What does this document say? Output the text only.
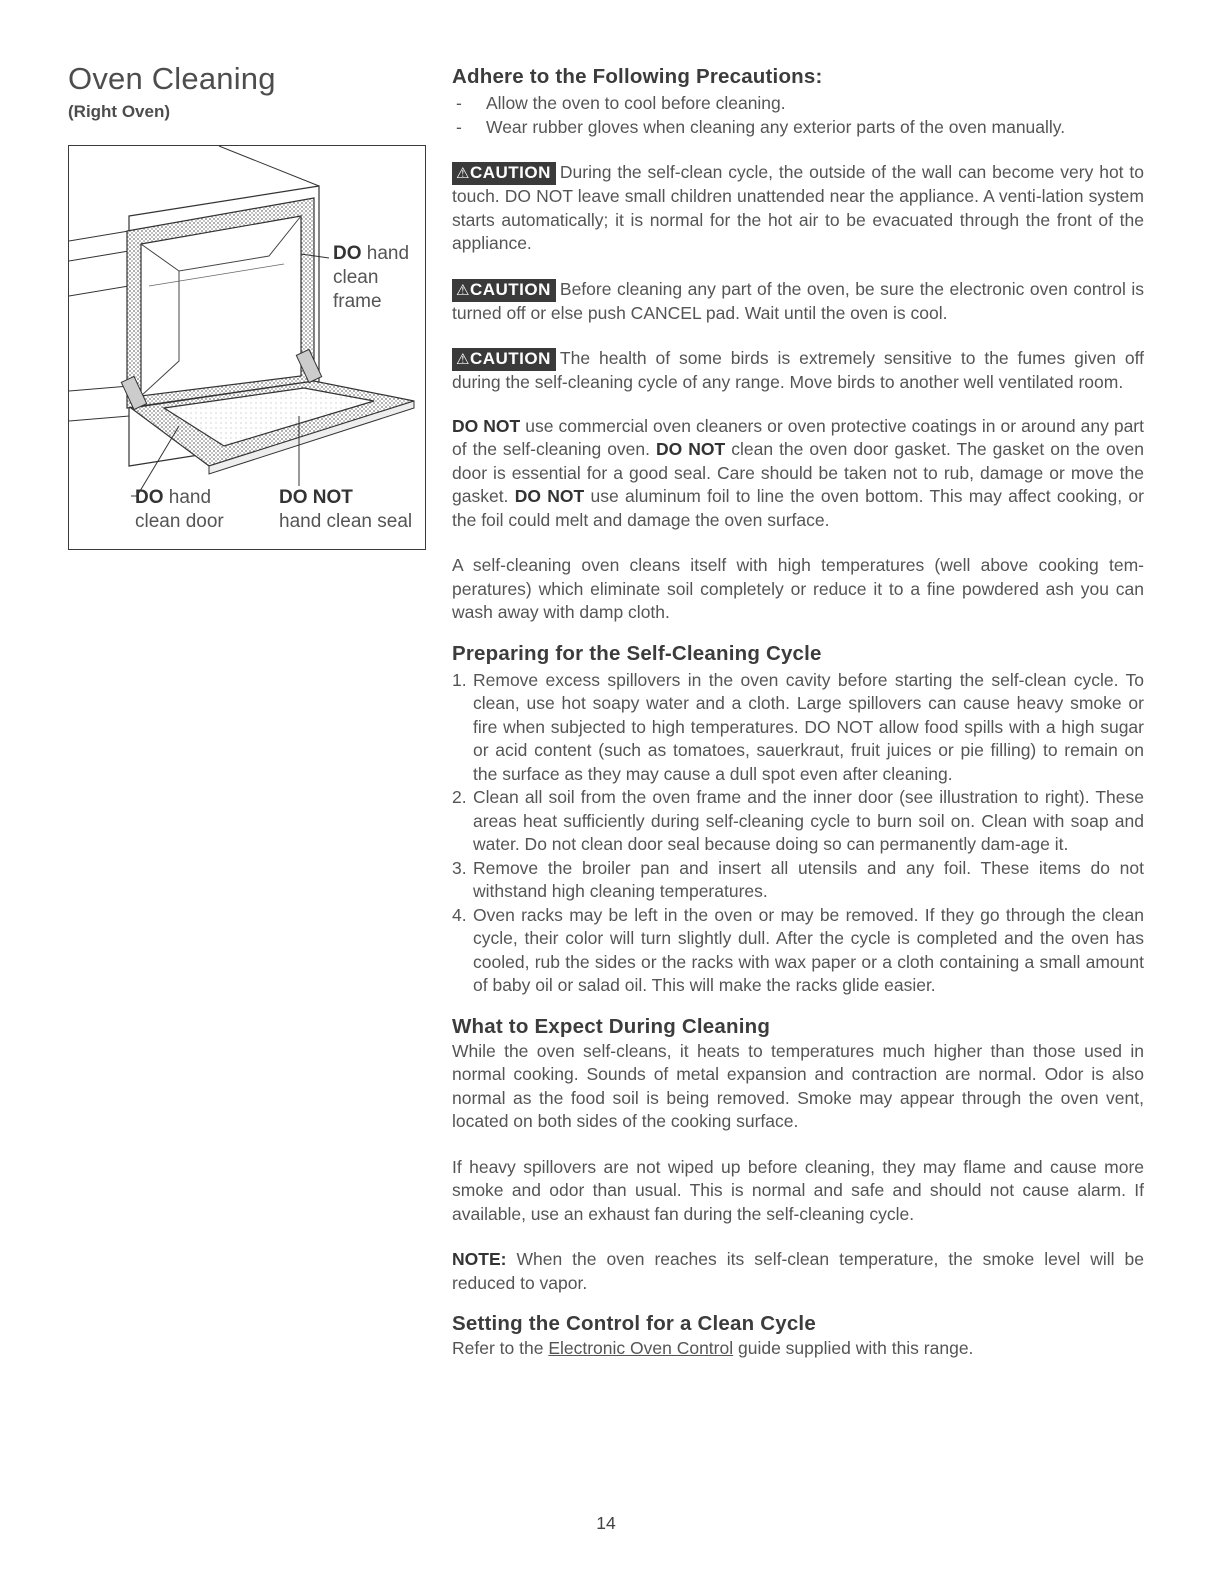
Oven Cleaning
(Right Oven)
DO hand
clean
frame
DO hand
clean door
DO NOT
hand clean seal
Adhere to the Following Precautions:
- Allow the oven to cool before cleaning.
- Wear rubber gloves when cleaning any exterior parts of the oven manually.

⚠CAUTION During the self-clean cycle, the outside of the wall can become very hot to touch. DO NOT leave small children unattended near the appliance. A venti-lation system starts automatically; it is normal for the hot air to be evacuated through the front of the appliance.

⚠CAUTION Before cleaning any part of the oven, be sure the electronic oven control is turned off or else push CANCEL pad. Wait until the oven is cool.

⚠CAUTION The health of some birds is extremely sensitive to the fumes given off during the self-cleaning cycle of any range. Move birds to another well ventilated room.

DO NOT use commercial oven cleaners or oven protective coatings in or around any part of the self-cleaning oven. DO NOT clean the oven door gasket. The gasket on the oven door is essential for a good seal. Care should be taken not to rub, damage or move the gasket. DO NOT use aluminum foil to line the oven bottom. This may affect cooking, or the foil could melt and damage the oven surface.

A self-cleaning oven cleans itself with high temperatures (well above cooking tem-peratures) which eliminate soil completely or reduce it to a fine powdered ash you can wash away with damp cloth.

Preparing for the Self-Cleaning Cycle
1. Remove excess spillovers in the oven cavity before starting the self-clean cycle. To clean, use hot soapy water and a cloth. Large spillovers can cause heavy smoke or fire when subjected to high temperatures. DO NOT allow food spills with a high sugar or acid content (such as tomatoes, sauerkraut, fruit juices or pie filling) to remain on the surface as they may cause a dull spot even after cleaning.
2. Clean all soil from the oven frame and the inner door (see illustration to right). These areas heat sufficiently during self-cleaning cycle to burn soil on. Clean with soap and water. Do not clean door seal because doing so can permanently dam-age it.
3. Remove the broiler pan and insert all utensils and any foil. These items do not withstand high cleaning temperatures.
4. Oven racks may be left in the oven or may be removed. If they go through the clean cycle, their color will turn slightly dull. After the cycle is completed and the oven has cooled, rub the sides or the racks with wax paper or a cloth containing a small amount of baby oil or salad oil. This will make the racks glide easier.
What to Expect During Cleaning

While the oven self-cleans, it heats to temperatures much higher than those used in normal cooking. Sounds of metal expansion and contraction are normal. Odor is also normal as the food soil is being removed. Smoke may appear through the oven vent, located on both sides of the cooking surface.

If heavy spillovers are not wiped up before cleaning, they may flame and cause more smoke and odor than usual. This is normal and safe and should not cause alarm. If available, use an exhaust fan during the self-cleaning cycle.

NOTE: When the oven reaches its self-clean temperature, the smoke level will be reduced to vapor.

Setting the Control for a Clean Cycle

Refer to the Electronic Oven Control guide supplied with this range.

14
